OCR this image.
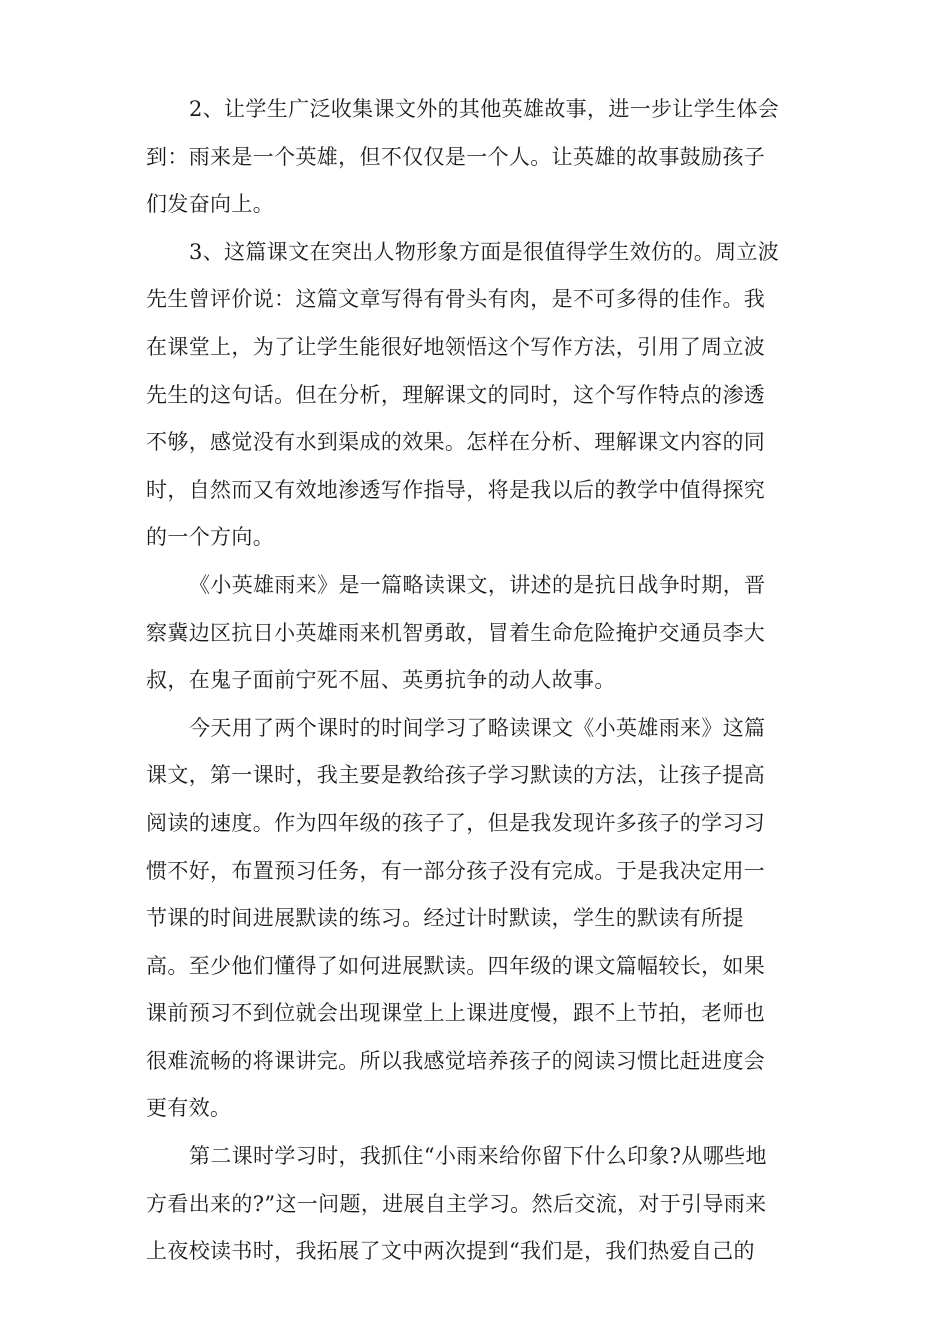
2、让学生广泛收集课文外的其他英雄故事，进一步让学生体会
到：雨来是一个英雄，但不仅仅是一个人。让英雄的故事鼓励孩子
们发奋向上。

3、这篇课文在突出人物形象方面是很值得学生效仿的。周立波
先生曾评价说：这篇文章写得有骨头有肉，是不可多得的佳作。我
在课堂上，为了让学生能很好地领悟这个写作方法，引用了周立波
先生的这句话。但在分析，理解课文的同时，这个写作特点的渗透
不够，感觉没有水到渠成的效果。怎样在分析、理解课文内容的同
时，自然而又有效地渗透写作指导，将是我以后的教学中值得探究
的一个方向。

《小英雄雨来》是一篇略读课文，讲述的是抗日战争时期，晋
察冀边区抗日小英雄雨来机智勇敢，冒着生命危险掩护交通员李大
叔，在鬼子面前宁死不屈、英勇抗争的动人故事。

今天用了两个课时的时间学习了略读课文《小英雄雨来》这篇
课文，第一课时，我主要是教给孩子学习默读的方法，让孩子提高
阅读的速度。作为四年级的孩子了，但是我发现许多孩子的学习习
惯不好，布置预习任务，有一部分孩子没有完成。于是我决定用一
节课的时间进展默读的练习。经过计时默读，学生的默读有所提
高。至少他们懂得了如何进展默读。四年级的课文篇幅较长，如果
课前预习不到位就会出现课堂上上课进度慢，跟不上节拍，老师也
很难流畅的将课讲完。所以我感觉培养孩子的阅读习惯比赶进度会
更有效。

第二课时学习时，我抓住“小雨来给你留下什么印象?从哪些地
方看出来的?”这一问题，进展自主学习。然后交流，对于引导雨来
上夜校读书时，我拓展了文中两次提到“我们是，我们热爱自己的
